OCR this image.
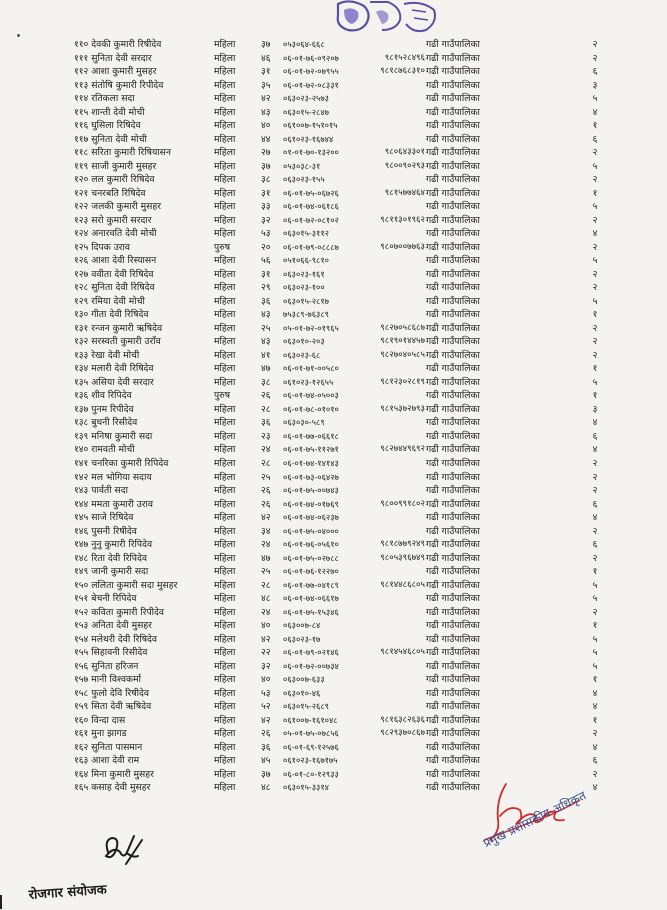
११० देवकी कुमारी रिषीदेव	महिला	३७	०५३०६४-६६८	गढी गाउँपालिका	२
१११ सुनिता देवी सरदार	महिला	४६	०६-०१-७६-०९२०७	९८१५२८४९६ गढी गाउँपालिका	२
११२ आशा कुमारी मुसहर	महिला	३१	०६-०१-७२-०७९५५	९८१८७६८३१० गढी गाउँपालिका	६
११३ संतोषि कुमारी रिपीदेव	महिला	३५	०६-०१-७२-०८३३१	गढी गाउँपालिका	३
११४ रतिकला सदा	महिला	४२	०६३०२३-२५७३	गढी गाउँपालिका	५
११५ शान्ती देवी मोची	महिला	४३	०६३०१५-२८४७	गढी गाउँपालिका	४
११६ घुसिला रिषिदेव	महिला	४०	०६१००७-१५१०१५	गढी गाउँपालिका	१
११७ सुनिता देवी मोची	महिला	४४	०६१०२३-१६७४४	गढी गाउँपालिका	६
११८ सरिता कुमारी रिषियासन	महिला	२७	०१-०१-७०-१३२००	९८०६४३३०१ गढी गाउँपालिका	२
११९ साजी कुमारी मुसहर	महिला	३७	०५३०३८-३१	९८००९०२९३ गढी गाउँपालिका	५
१२० लल कुमारी रिषिदेव	महिला	३८	०६३०२३-१५५	गढी गाउँपालिका	२
१२१ चनरबति रिषिदेव	महिला	३१	०६-०१-७५-०६७२६	९८१५७७४६४ गढी गाउँपालिका	१
१२२ जलकी कुमारी मुसहर	महिला	३३	०६-०१-७४-०६१८६	गढी गाउँपालिका	५
१२३ सरो कुमारी सरदार	महिला	३२	०६-०१-७२-०८१०२	९८११३०१९६२ गढी गाउँपालिका	२
१२४ अनारवति देवी मोची	महिला	५३	०६३०१५-३११२	गढी गाउँपालिका	४
१२५ दिपक उराव	पुरुष	२०	०६-०१-७९-०८८८७	९८०७००७७६३ गढी गाउँपालिका	२
१२६ आशा देवी रिस्यासन	महिला	५६	०५१०६६-९८१०	गढी गाउँपालिका	५
१२७ ववीता देवी रिषिदेव	महिला	३१	०६३०२३-१६१	गढी गाउँपालिका	२
१२८ सुनिता देवी रिषिदेव	महिला	२९	०६३०२३-१००	गढी गाउँपालिका	२
१२९ रमिया देवी मोची	महिला	३६	०६३०१५-२८१७	गढी गाउँपालिका	५
१३० गीता देवी रिषिदेव	महिला	४३	७५३८९-७६३८९	गढी गाउँपालिका	१
१३१ रन्जन कुमारी ऋषिदेव	महिला	२५	०५-०१-७२-०१९६५	९८२७०५८६८७ गढी गाउँपालिका	२
१३२ सरस्वती कुमारी उराँव	महिला	४३	०६३०१०-२०३	९८१९०१४४५७ गढी गाउँपालिका	२
१३३ रेखा देवी मोची	महिला	४१	०६३०२३-६८	९८२७०४०५८५ गढी गाउँपालिका	२
१३४ मलारी देवी रिषिदेव	महिला	४७	०६-०१-७१-००५८०	गढी गाउँपालिका	१
१३५ असिया देवी सरदार	महिला	३८	०६१०२३-१२६५५	९८१२३०२८१९ गढी गाउँपालिका	५
१३६ शीव रिपिदेव	पुरुष	२६	०६-०१-७४-०५००३	गढी गाउँपालिका	१
१३७ पुनम रिपीदेव	महिला	२८	०६-०१-७८-०१०१०	९८१५३७२७९३ गढी गाउँपालिका	३
१३८ बुधनी रिसीदेव	महिला	३६	०६३०३०-५८९	गढी गाउँपालिका	४
१३९ मनिषा कुमारी सदा	महिला	२३	०६-०१-७७-०६६१८	गढी गाउँपालिका	६
१४० रामवती मोची	महिला	२४	०६-०१-७५-११२७१	९८२७४४९६९२ गढी गाउँपालिका	४
१४१ चनरिका कुमारी रिपिदेव	महिला	२८	०६-०१-७४-१४१४३	गढी गाउँपालिका	२
१४२ मल भोगिया सदाय	महिला	२५	०६-०१-७३-०६४२७	गढी गाउँपालिका	२
१४३ पार्वती सदा	महिला	२६	०६-०१-७५-००७४३	गढी गाउँपालिका	२
१४४ ममता कुमारी उराव	महिला	२६	०६-०१-७४-०१७६९	९८००९९१८०२ गढी गाउँपालिका	६
१४५ साजे रिषिदेव	महिला	४२	०६-०१-७४-०६२३७	गढी गाउँपालिका	४
१४६ पुसनी रिषीदेव	महिला	३४	०६-०१-७५-०४०००	गढी गाउँपालिका	२
१४७ नुनु कुमारी रिपिदेव	महिला	२४	०६-०१-७६-०५६१०	९८१८७७९२४९ गढी गाउँपालिका	६
१४८ रिता देवी रिपिदेव	महिला	४७	०६-०१-७५-०२७८८	९८०५३९६७४९ गढी गाउँपालिका	२
१४९ जानी कुमारी सदा	महिला	२५	०६-०१-७६-१२२७०	गढी गाउँपालिका	१
१५० ललिता कुमारी सदा मुसहर	महिला	२८	०६-०१-७७-०४१८९	९८१४४८६८०५ गढी गाउँपालिका	५
१५१ बेचनी रिपिदेव	महिला	४८	०६-०१-७४-०६६१७	गढी गाउँपालिका	५
१५२ कविता कुमारी रिपीदेव	महिला	२४	०६-०१-७५-१५३४६	गढी गाउँपालिका	२
१५३ अनिता देवी मुसहर	महिला	४०	०६३००७-८४	गढी गाउँपालिका	१
१५४ मलेथरी देवी रिषिदेव	महिला	४२	०६३०२३-१७	गढी गाउँपालिका	५
१५५ सिहावनी रिसीदेव	महिला	२२	०६-०१-७९-०२१४६	९८१४५४६८०५ गढी गाउँपालिका	५
१५६ सुनिता हरिजन	महिला	३२	०६-०१-७२-००७३४	गढी गाउँपालिका	५
१५७ मानी विश्वकर्मा	महिला	४०	०६३००७-६३३	गढी गाउँपालिका	१
१५८ फुलो देवि रिषीदेव	महिला	५३	०६३०१०-४६	गढी गाउँपालिका	४
१५९ सिता देवी ऋषिदेव	महिला	५२	०६३०१५-२६८९	गढी गाउँपालिका	४
१६० विन्दा दास	महिला	४२	०६१००७-१६१०४८	९८१६३८२६३६ गढी गाउँपालिका	१
१६१ मुना झागड	महिला	२६	०५-०१-७५-०७८५६	९८२९३७०८६७ गढी गाउँपालिका	२
१६२ सुनिता पासमान	महिला	३६	०६-०१-६९-१२५७६	गढी गाउँपालिका	४
१६३ आशा देवी राम	महिला	४५	०६१०२३-१६७१७५	गढी गाउँपालिका	६
१६४ मिना कुमारी मुसहर	महिला	३७	०६-०१-८०-१२९३३	गढी गाउँपालिका	२
१६५ कसाह देवी मुसहर	महिला	४८	०६३०१५-३३१४	गढी गाउँपालिका	४
प्रमुख प्रशासकीय अधिकृत
रोजगार संयोजक
